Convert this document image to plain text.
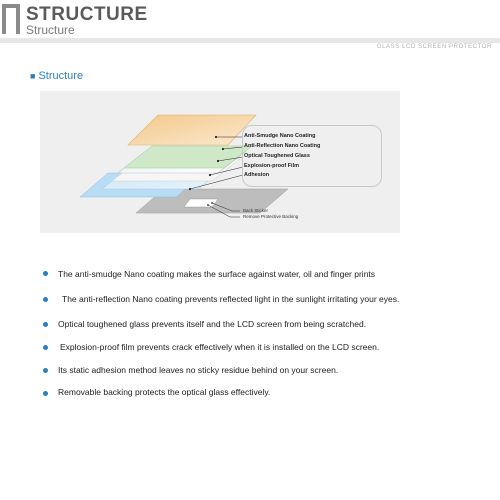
STRUCTURE
Structure
GLASS LCD SCREEN PROTECTOR
■ Structure
Anti-Smudge Nano Coating
Anti-Reflection Nano Coating
Optical Toughened Glass
Explosion-proof Film
Adhesion
Back Sticker
Remove Protective Backing
The anti-smudge Nano coating makes the surface against water, oil and finger prints
The anti-reflection Nano coating prevents reflected light in the sunlight irritating your eyes.
Optical toughened glass prevents itself and the LCD screen from being scratched.
Explosion-proof film prevents crack effectively when it is installed on the LCD screen.
Its static adhesion method leaves no sticky residue behind on your screen.
Removable backing protects the optical glass effectively.
